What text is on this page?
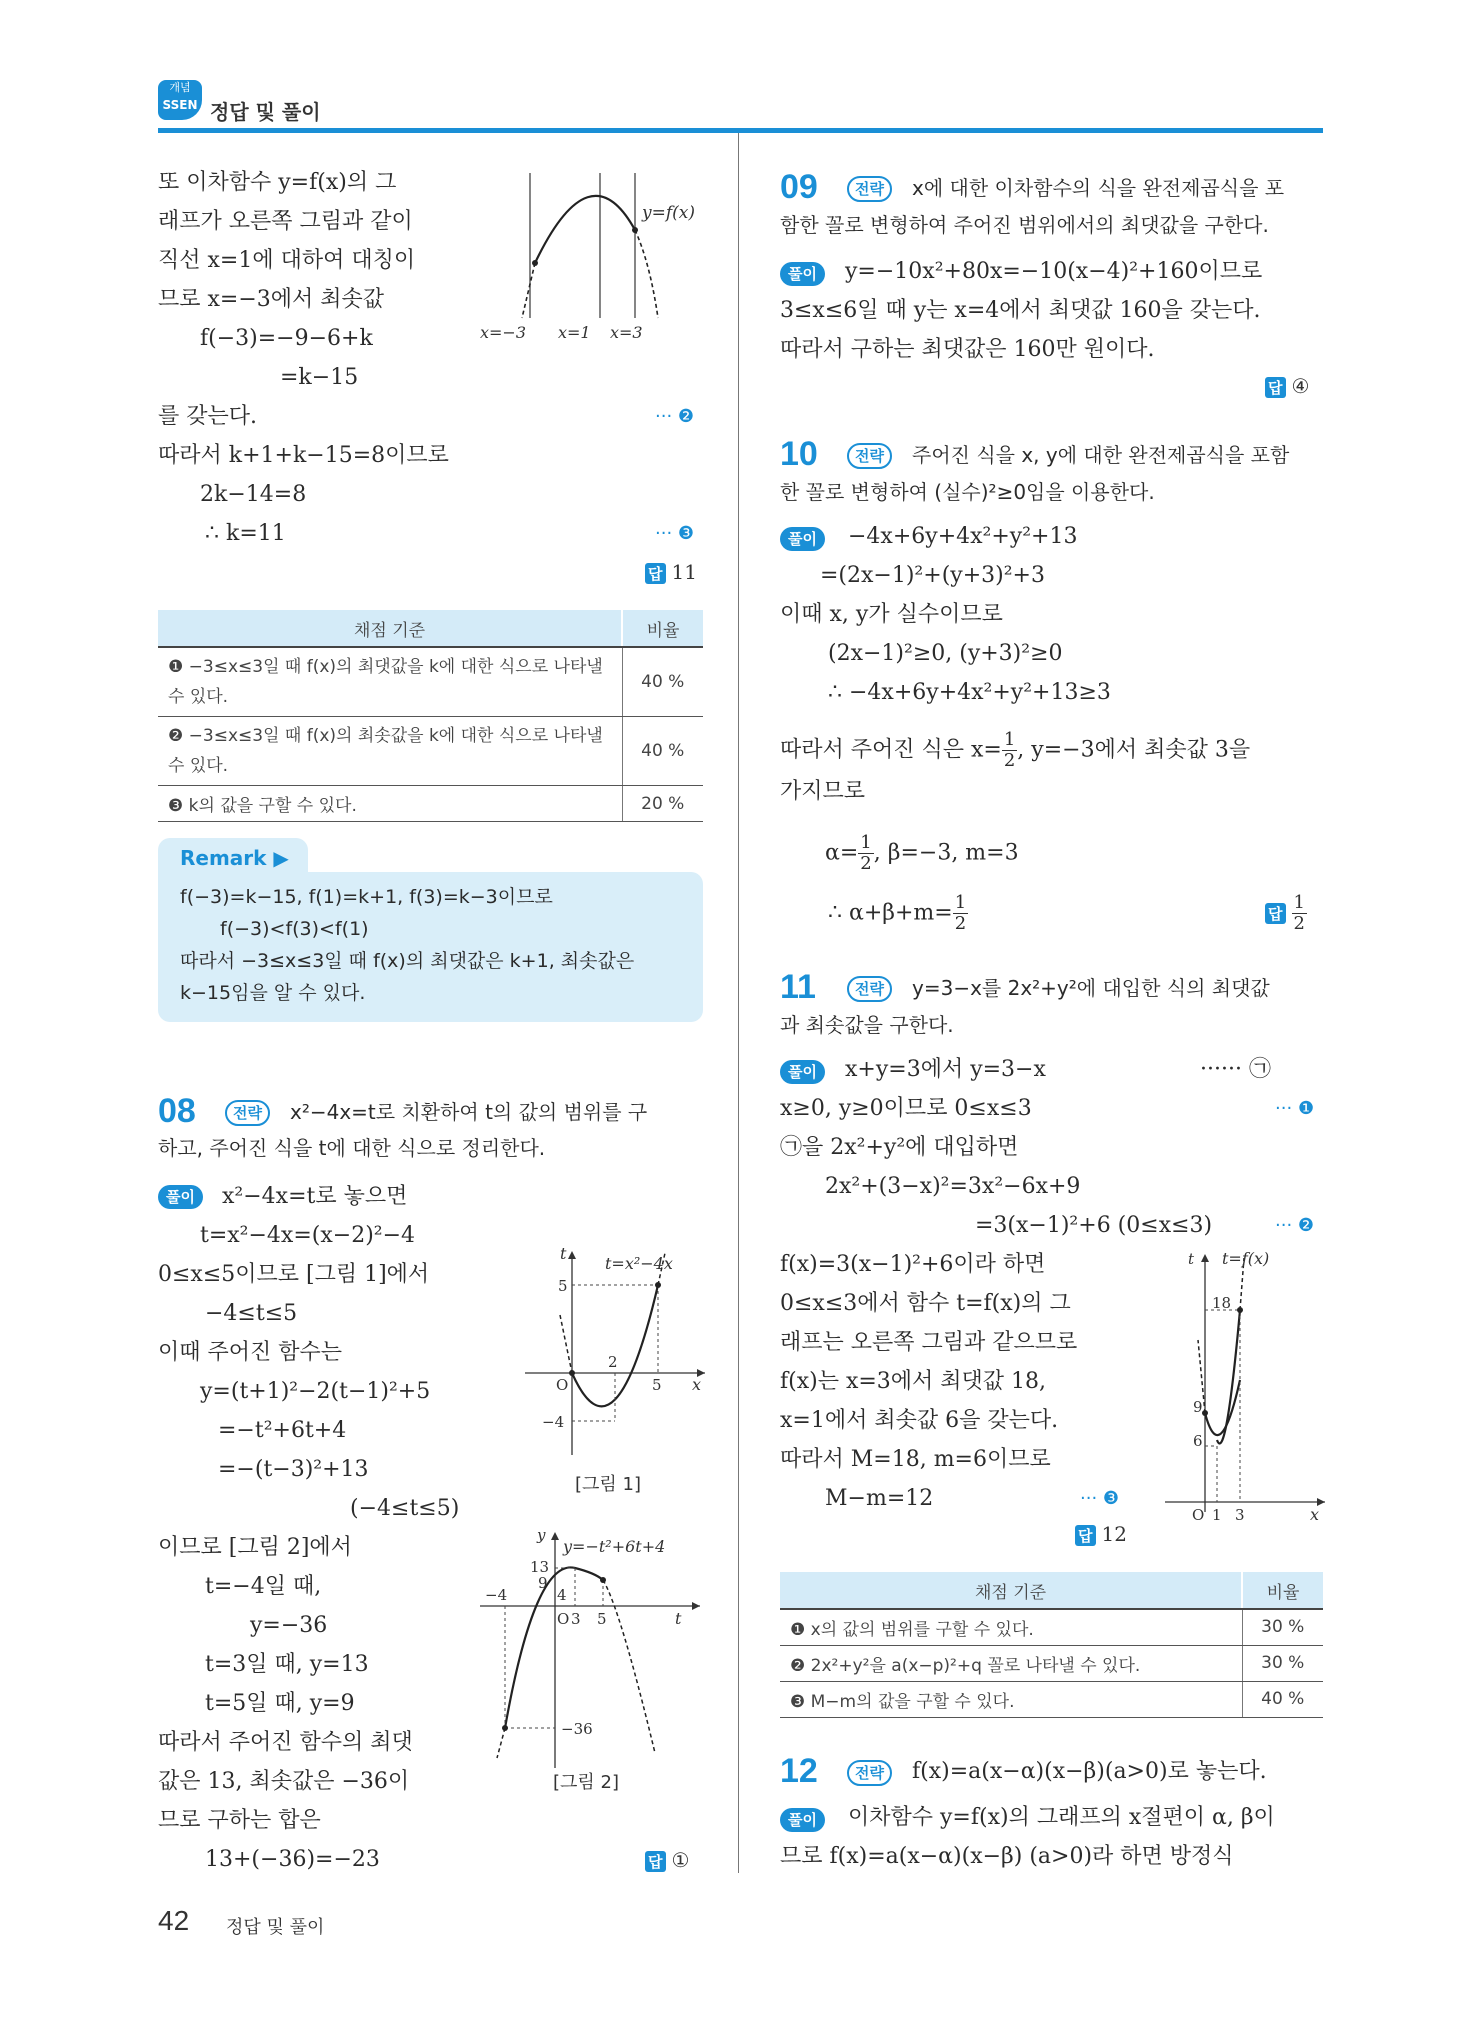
개념
SSEN 정답 및 풀이
또 이차함수 y=f(x)의 그
래프가 오른쪽 그림과 같이
직선 x=1에 대하여 대칭이
므로 x=−3에서 최솟값
f(−3)=−9−6+k
=k−15
를 갖는다.	··· ❷
따라서 k+1+k−15=8이므로
2k−14=8
∴ k=11	··· ❸
답 11
y=f(x)
x=−3 x=1 x=3
채점 기준	비율
❶ −3≤x≤3일 때 f(x)의 최댓값을 k에 대한 식으로 나타낼 수 있다.	40 %
❷ −3≤x≤3일 때 f(x)의 최솟값을 k에 대한 식으로 나타낼 수 있다.	40 %
❸ k의 값을 구할 수 있다.	20 %
Remark ▶
f(−3)=k−15, f(1)=k+1, f(3)=k−3이므로
f(−3)<f(3)<f(1)
따라서 −3≤x≤3일 때 f(x)의 최댓값은 k+1, 최솟값은
k−15임을 알 수 있다.
08	전략	x²−4x=t로 치환하여 t의 값의 범위를 구
하고, 주어진 식을 t에 대한 식으로 정리한다.
풀이	x²−4x=t로 놓으면
t=x²−4x=(x−2)²−4
0≤x≤5이므로 [그림 1]에서
−4≤t≤5
이때 주어진 함수는
y=(t+1)²−2(t−1)²+5
=−t²+6t+4
=−(t−3)²+13
(−4≤t≤5)
이므로 [그림 2]에서
t=−4일 때,
y=−36
t=3일 때, y=13
t=5일 때, y=9
따라서 주어진 함수의 최댓
값은 13, 최솟값은 −36이
므로 구하는 합은
13+(−36)=−23	답 ①
t
t=x²−4x
5
2
O	5 x
−4
[그림 1]
y
y=−t²+6t+4
13
9
4
−4
O 3 5	t
−36
[그림 2]
09	전략	x에 대한 이차함수의 식을 완전제곱식을 포
함한 꼴로 변형하여 주어진 범위에서의 최댓값을 구한다.
풀이	y=−10x²+80x=−10(x−4)²+160이므로
3≤x≤6일 때 y는 x=4에서 최댓값 160을 갖는다.
따라서 구하는 최댓값은 160만 원이다.
답 ④
10	전략	주어진 식을 x, y에 대한 완전제곱식을 포함
한 꼴로 변형하여 (실수)²≥0임을 이용한다.
풀이	−4x+6y+4x²+y²+13
=(2x−1)²+(y+3)²+3
이때 x, y가 실수이므로
(2x−1)²≥0, (y+3)²≥0
∴ −4x+6y+4x²+y²+13≥3
따라서 주어진 식은 $x= \frac{1}{2}$ , y=−3에서 최솟값 3을
가지므로
$\alpha= \frac{1}{2}$ , β=−3, m=3
∴ $\alpha+\beta+m= \frac{1}{2}$	답 $\frac{1}{2}$
11	전략	y=3−x를 2x²+y²에 대입한 식의 최댓값
과 최솟값을 구한다.
풀이	x+y=3에서 y=3−x	······ ㉠
x≥0, y≥0이므로 0≤x≤3	··· ❶
㉠을 2x²+y²에 대입하면
2x²+(3−x)²=3x²−6x+9
=3(x−1)²+6 (0≤x≤3)	··· ❷
f(x)=3(x−1)²+6이라 하면
0≤x≤3에서 함수 t=f(x)의 그
래프는 오른쪽 그림과 같으므로
f(x)는 x=3에서 최댓값 18,
x=1에서 최솟값 6을 갖는다.
따라서 M=18, m=6이므로
M−m=12	··· ❸
답 12
t t=f(x)
18
9
6
O 1 3	x
채점 기준	비율
❶ x의 값의 범위를 구할 수 있다.	30 %
❷ 2x²+y²을 a(x−p)²+q 꼴로 나타낼 수 있다.	30 %
❸ M−m의 값을 구할 수 있다.	40 %
12	전략	f(x)=a(x−α)(x−β)(a>0)로 놓는다.
풀이	이차함수 y=f(x)의 그래프의 x절편이 α, β이
므로 f(x)=a(x−α)(x−β) (a>0)라 하면 방정식
42 정답 및 풀이
